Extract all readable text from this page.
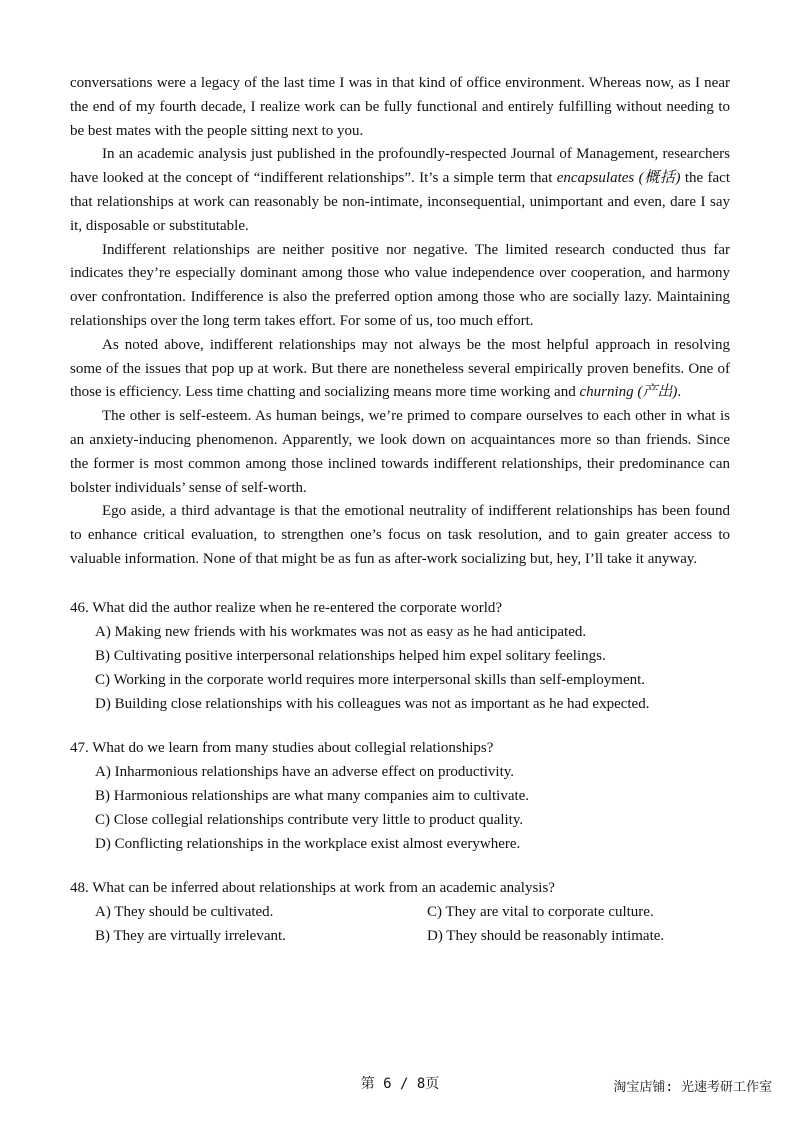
conversations were a legacy of the last time I was in that kind of office environment. Whereas now, as I near the end of my fourth decade, I realize work can be fully functional and entirely fulfilling without needing to be best mates with the people sitting next to you.

In an academic analysis just published in the profoundly-respected Journal of Management, researchers have looked at the concept of “indifferent relationships”. It’s a simple term that encapsulates (概括) the fact that relationships at work can reasonably be non-intimate, inconsequential, unimportant and even, dare I say it, disposable or substitutable.

Indifferent relationships are neither positive nor negative. The limited research conducted thus far indicates they’re especially dominant among those who value independence over cooperation, and harmony over confrontation. Indifference is also the preferred option among those who are socially lazy. Maintaining relationships over the long term takes effort. For some of us, too much effort.

As noted above, indifferent relationships may not always be the most helpful approach in resolving some of the issues that pop up at work. But there are nonetheless several empirically proven benefits. One of those is efficiency. Less time chatting and socializing means more time working and churning (产出).

The other is self-esteem. As human beings, we’re primed to compare ourselves to each other in what is an anxiety-inducing phenomenon. Apparently, we look down on acquaintances more so than friends. Since the former is most common among those inclined towards indifferent relationships, their predominance can bolster individuals’ sense of self-worth.

Ego aside, a third advantage is that the emotional neutrality of indifferent relationships has been found to enhance critical evaluation, to strengthen one’s focus on task resolution, and to gain greater access to valuable information. None of that might be as fun as after-work socializing but, hey, I’ll take it anyway.

46. What did the author realize when he re-entered the corporate world?
A) Making new friends with his workmates was not as easy as he had anticipated.
B) Cultivating positive interpersonal relationships helped him expel solitary feelings.
C) Working in the corporate world requires more interpersonal skills than self-employment.
D) Building close relationships with his colleagues was not as important as he had expected.
47. What do we learn from many studies about collegial relationships?
A) Inharmonious relationships have an adverse effect on productivity.
B) Harmonious relationships are what many companies aim to cultivate.
C) Close collegial relationships contribute very little to product quality.
D) Conflicting relationships in the workplace exist almost everywhere.
48. What can be inferred about relationships at work from an academic analysis?
A) They should be cultivated.	C) They are vital to corporate culture.
B) They are virtually irrelevant.	D) They should be reasonably intimate.
第 6 / 8页	淘宝店铺: 光速考研工作室
